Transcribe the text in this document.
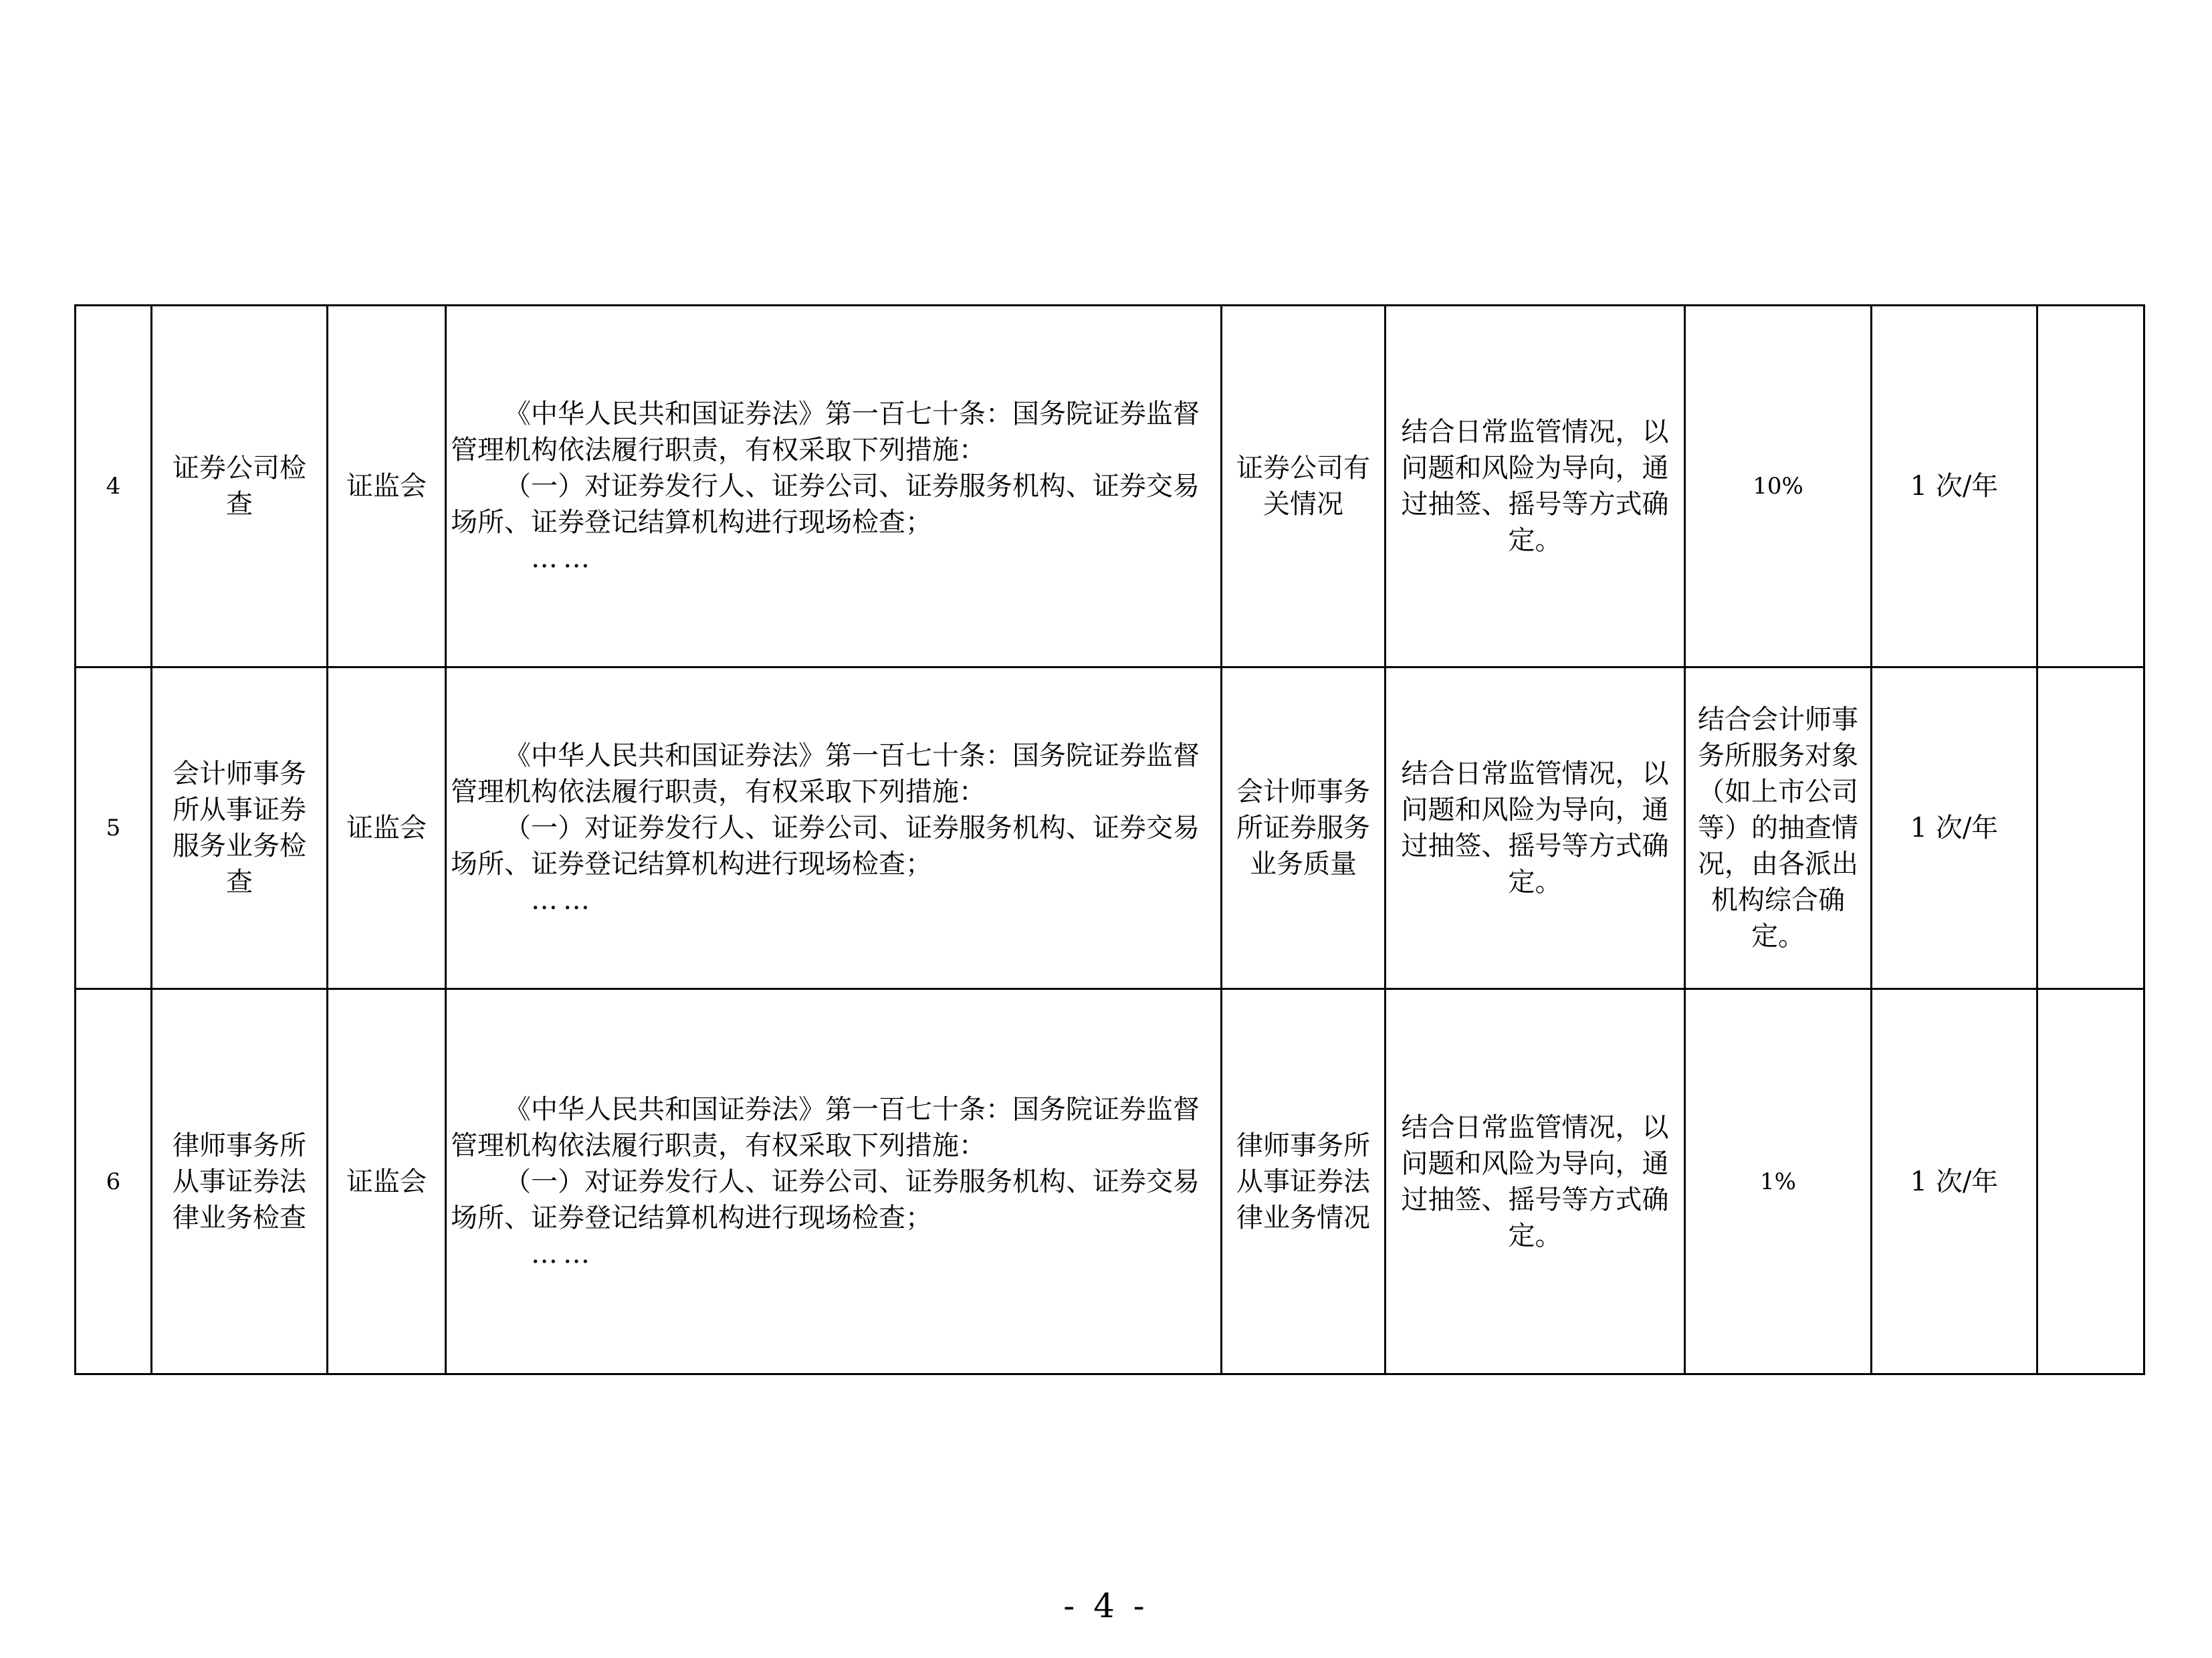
4	证券公司检查	证监会	《中华人民共和国证券法》第一百七十条：国务院证券监督管理机构依法履行职责，有权采取下列措施：

（一）对证券发行人、证券公司、证券服务机构、证券交易场所、证券登记结算机构进行现场检查；

……	证券公司有关情况	结合日常监管情况，以问题和风险为导向，通过抽签、摇号等方式确定。	10%	1 次/年	
5	会计师事务所从事证券服务业务检查	证监会	《中华人民共和国证券法》第一百七十条：国务院证券监督管理机构依法履行职责，有权采取下列措施：

（一）对证券发行人、证券公司、证券服务机构、证券交易场所、证券登记结算机构进行现场检查；

……	会计师事务所证券服务业务质量	结合日常监管情况，以问题和风险为导向，通过抽签、摇号等方式确定。	结合会计师事务所服务对象（如上市公司 等）的抽查情况，由各派出机构综合确定。	1 次/年	
6	律师事务所从事证券法律业务检查	证监会	《中华人民共和国证券法》第一百七十条：国务院证券监督管理机构依法履行职责，有权采取下列措施：

（一）对证券发行人、证券公司、证券服务机构、证券交易场所、证券登记结算机构进行现场检查；

……	律师事务所从事证券法 律业务情况	结合日常监管情况，以问题和风险为导向，通过抽签、摇号等方式确定。	1%	1 次/年	
- 4 -
